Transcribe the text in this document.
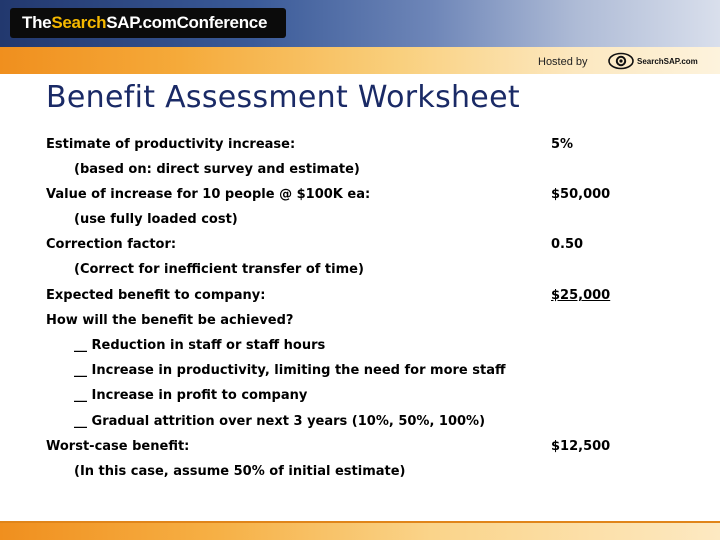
The Search SAP.com Conference
Hosted by	SearchSAP.com
Benefit Assessment Worksheet
Estimate of productivity increase:	5%
(based on: direct survey and estimate)
Value of increase for 10 people @ $100K ea:	$50,000
(use fully loaded cost)
Correction factor:	0.50
(Correct for inefficient transfer of time)
Expected benefit to company:	$25,000
How will the benefit be achieved?
__ Reduction in staff or staff hours
__ Increase in productivity, limiting the need for more staff
__ Increase in profit to company
__ Gradual attrition over next 3 years (10%, 50%, 100%)
Worst-case benefit:	$12,500
(In this case, assume 50% of initial estimate)
